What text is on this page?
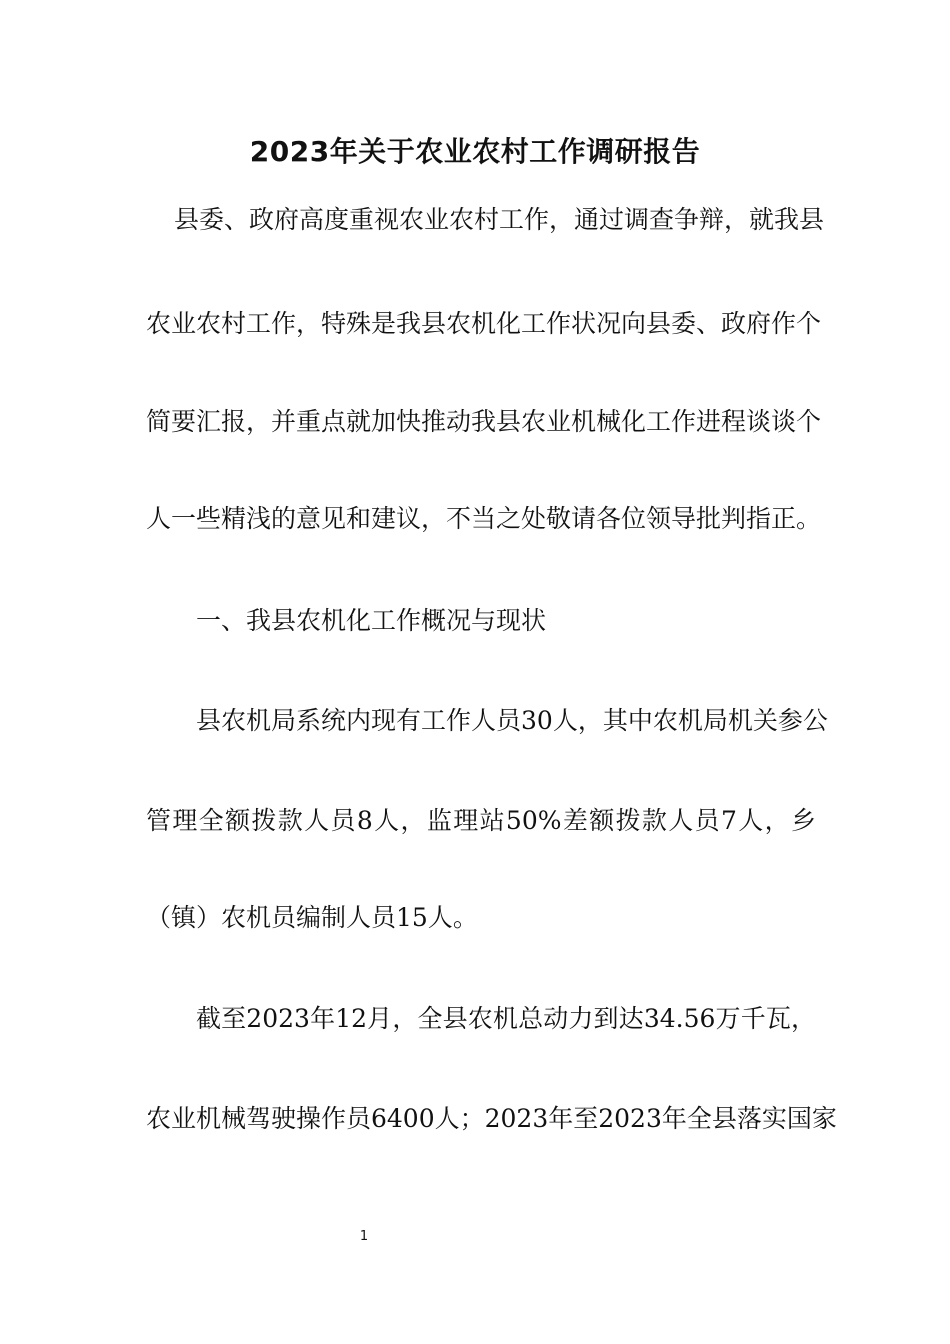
2023年关于农业农村工作调研报告

县委、政府高度重视农业农村工作，通过调查争辩，就我县

农业农村工作，特殊是我县农机化工作状况向县委、政府作个

简要汇报，并重点就加快推动我县农业机械化工作进程谈谈个

人一些精浅的意见和建议，不当之处敬请各位领导批判指正。

一、我县农机化工作概况与现状

县农机局系统内现有工作人员30人，其中农机局机关参公

管理全额拨款人员8人，监理站50%差额拨款人员7人，乡

（镇）农机员编制人员15人。

截至2023年12月，全县农机总动力到达34.56万千瓦，

农业机械驾驶操作员6400人；2023年至2023年全县落实国家

1
